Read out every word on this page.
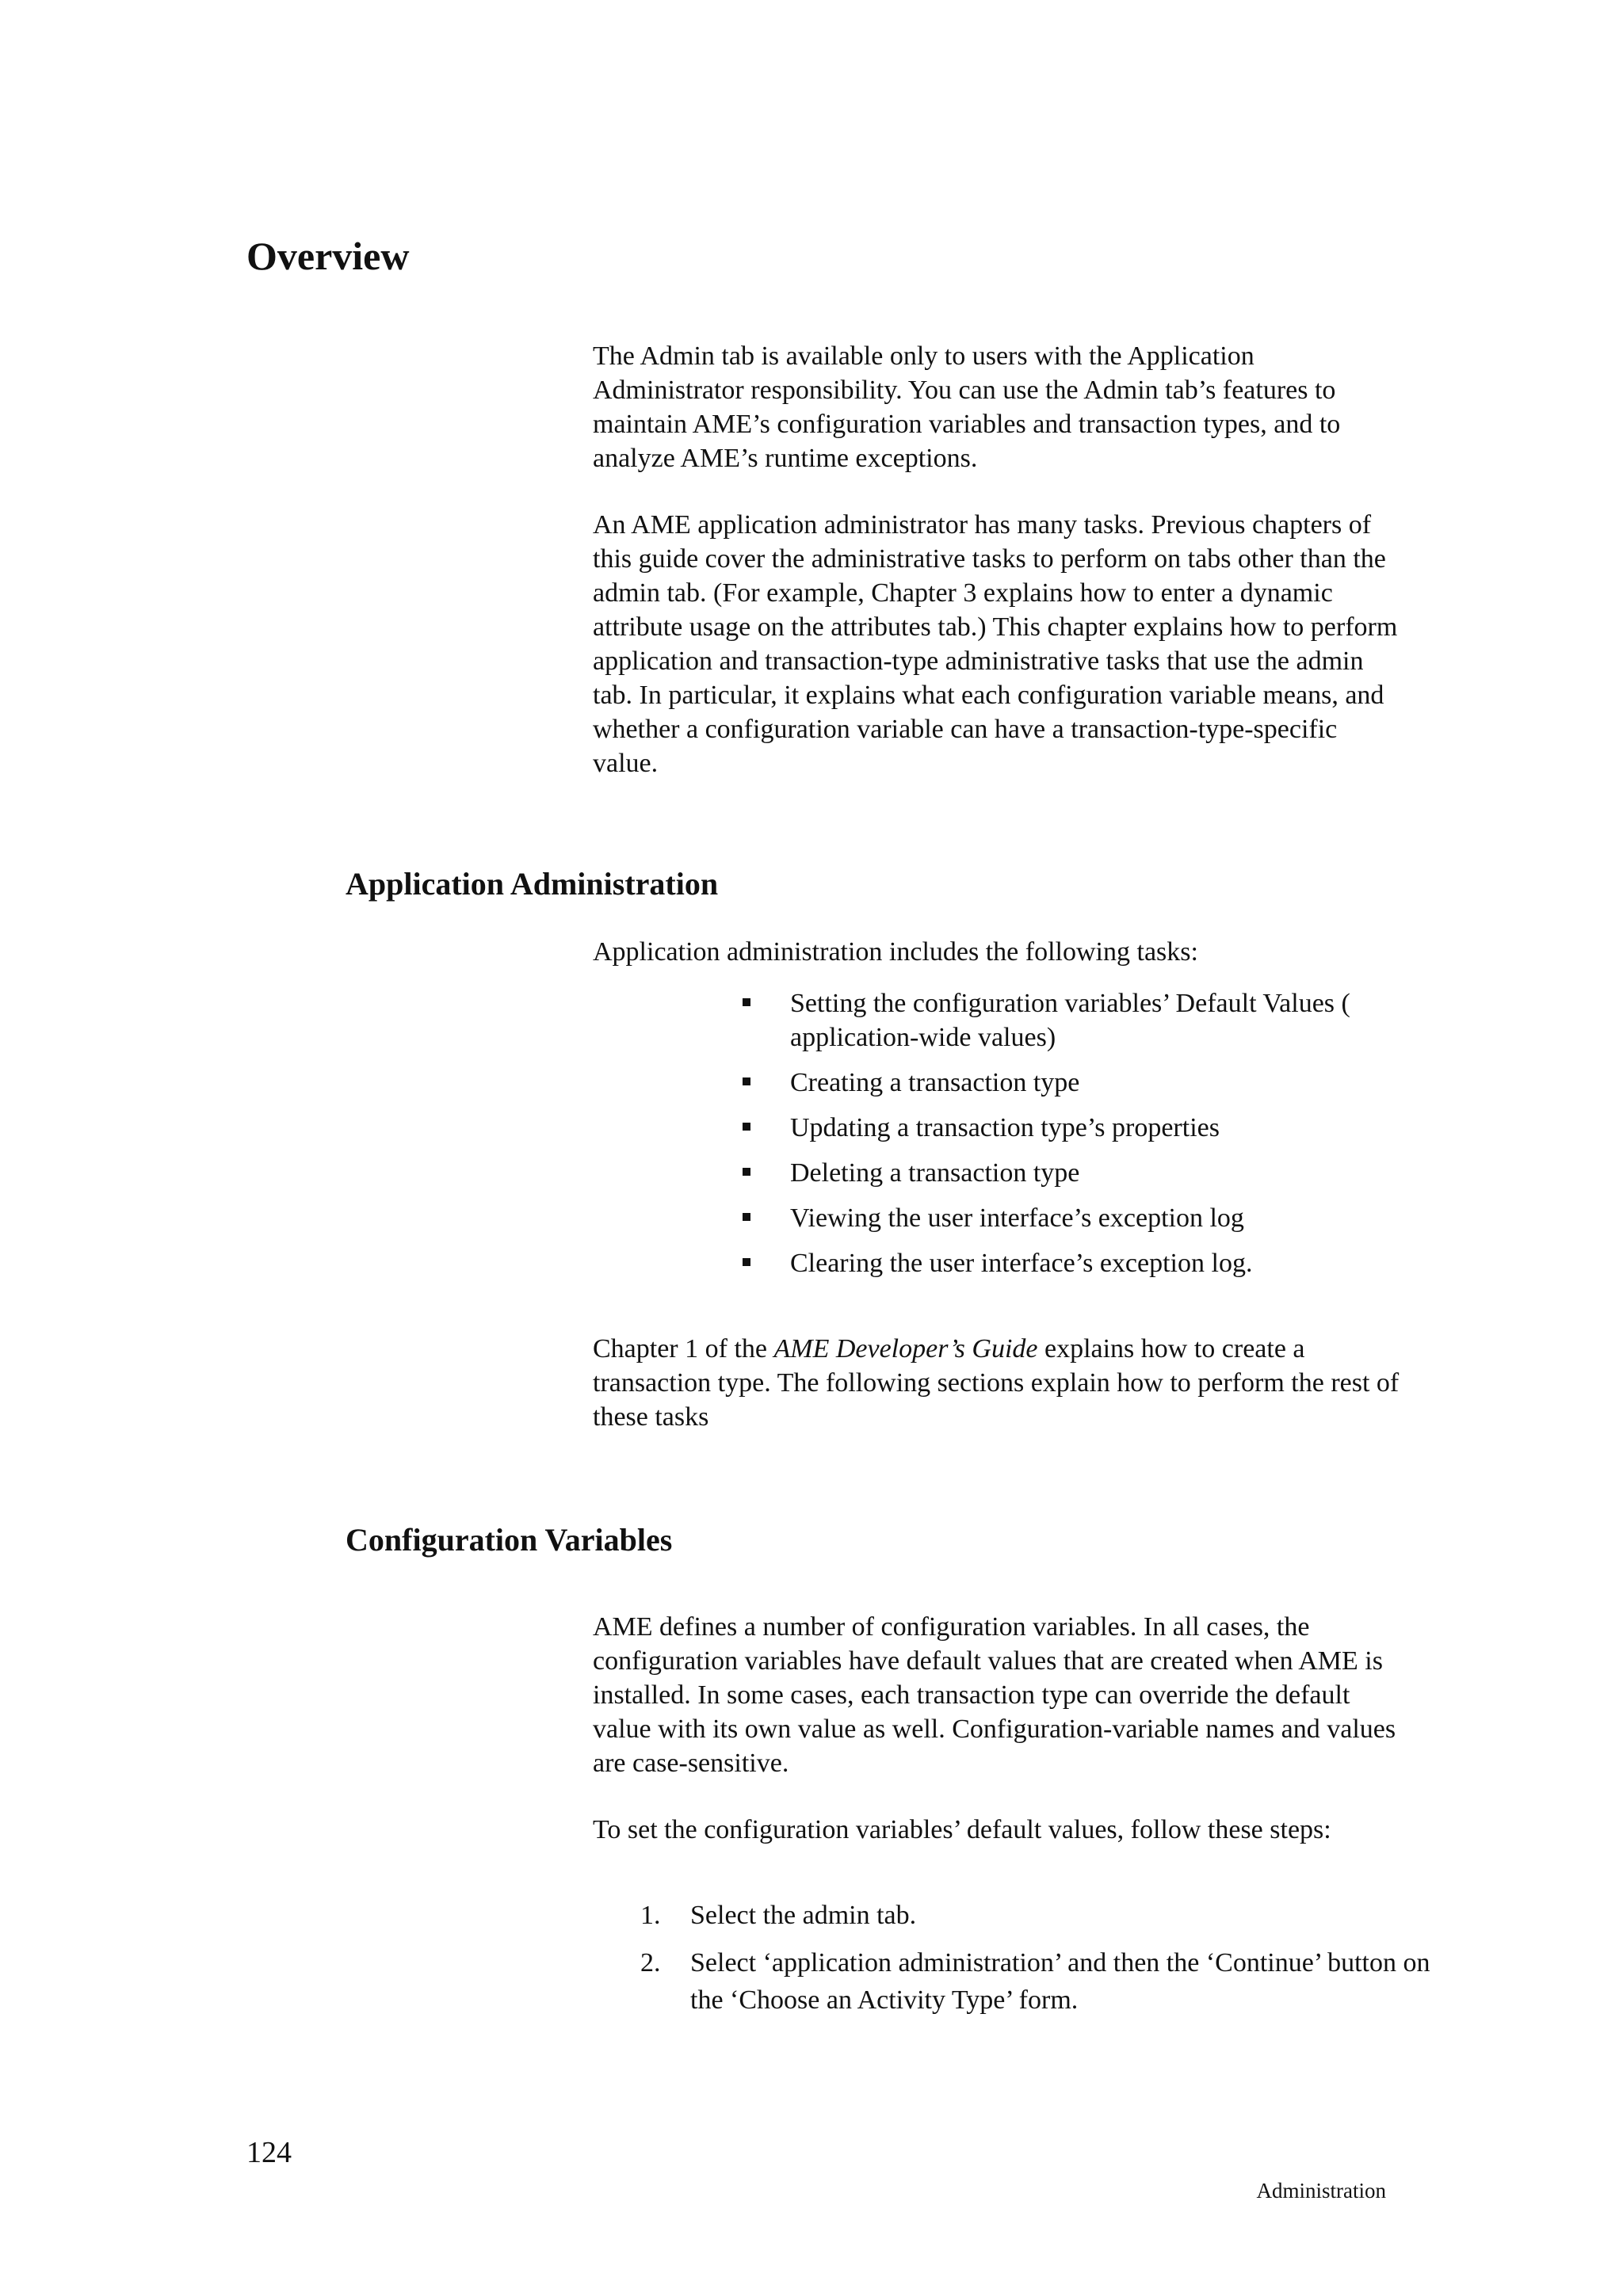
Overview

The Admin tab is available only to users with the Application Administrator responsibility. You can use the Admin tab’s features to maintain AME’s configuration variables and transaction types, and to analyze AME’s runtime exceptions.

An AME application administrator has many tasks. Previous chapters of this guide cover the administrative tasks to perform on tabs other than the admin tab. (For example, Chapter 3 explains how to enter a dynamic attribute usage on the attributes tab.) This chapter explains how to perform application and transaction-type administrative tasks that use the admin tab. In particular, it explains what each configuration variable means, and whether a configuration variable can have a transaction-type-specific value.

Application Administration

Application administration includes the following tasks:

Setting the configuration variables’ Default Values ( application-wide values)
Creating a transaction type
Updating a transaction type’s properties
Deleting a transaction type
Viewing the user interface’s exception log
Clearing the user interface’s exception log.

Chapter 1 of the AME Developer’s Guide explains how to create a transaction type. The following sections explain how to perform the rest of these tasks

Configuration Variables

AME defines a number of configuration variables. In all cases, the configuration variables have default values that are created when AME is installed. In some cases, each transaction type can override the default value with its own value as well. Configuration-variable names and values are case-sensitive.

To set the configuration variables’ default values, follow these steps:

1. Select the admin tab.
2. Select ‘application administration’ and then the ‘Continue’ button on the ‘Choose an Activity Type’ form.
124
Administration
